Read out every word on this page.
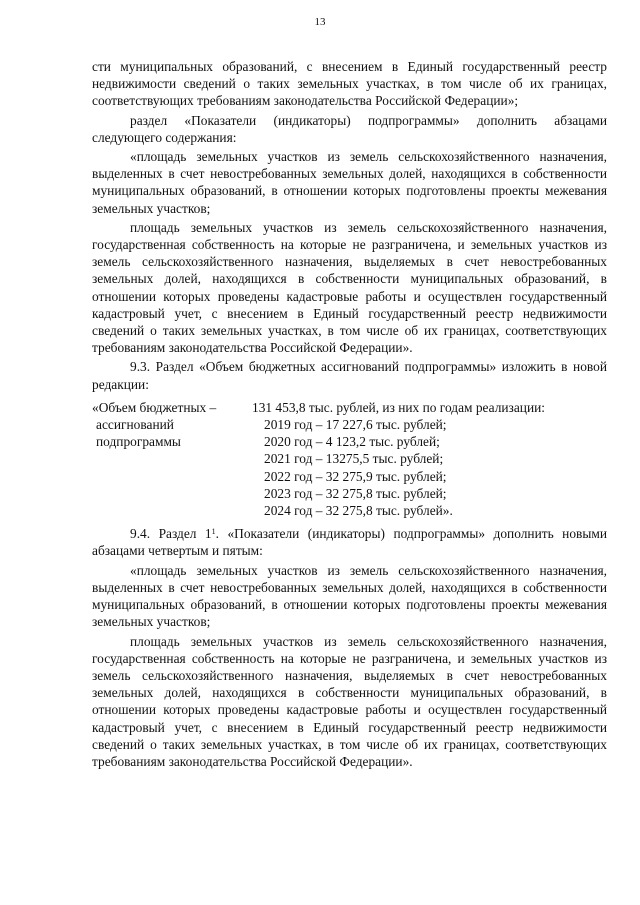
13

сти муниципальных образований, с внесением в Единый государственный реестр недвижимости сведений о таких земельных участках, в том числе об их границах, соответствующих требованиям законодательства Российской Федерации»;

раздел «Показатели (индикаторы) подпрограммы» дополнить абзацами следующего содержания:

«площадь земельных участков из земель сельскохозяйственного назначения, выделенных в счет невостребованных земельных долей, находящихся в собственности муниципальных образований, в отношении которых подготовлены проекты межевания земельных участков;

площадь земельных участков из земель сельскохозяйственного назначения, государственная собственность на которые не разграничена, и земельных участков из земель сельскохозяйственного назначения, выделяемых в счет невостребованных земельных долей, находящихся в собственности муниципальных образований, в отношении которых проведены кадастровые работы и осуществлен государственный кадастровый учет, с внесением в Единый государственный реестр недвижимости сведений о таких земельных участках, в том числе об их границах, соответствующих требованиям законодательства Российской Федерации».

9.3. Раздел «Объем бюджетных ассигнований подпрограммы» изложить в новой редакции:

«Объем бюджетных –
ассигнований
подпрограммы

131 453,8 тыс. рублей, из них по годам реализации:

2019 год – 17 227,6 тыс. рублей;

2020 год – 4 123,2 тыс. рублей;

2021 год – 13275,5 тыс. рублей;

2022 год – 32 275,9 тыс. рублей;

2023 год – 32 275,8 тыс. рублей;

2024 год – 32 275,8 тыс. рублей».

9.4. Раздел $1^1$. «Показатели (индикаторы) подпрограммы» дополнить новыми абзацами четвертым и пятым:

«площадь земельных участков из земель сельскохозяйственного назначения, выделенных в счет невостребованных земельных долей, находящихся в собственности муниципальных образований, в отношении которых подготовлены проекты межевания земельных участков;

площадь земельных участков из земель сельскохозяйственного назначения, государственная собственность на которые не разграничена, и земельных участков из земель сельскохозяйственного назначения, выделяемых в счет невостребованных земельных долей, находящихся в собственности муниципальных образований, в отношении которых проведены кадастровые работы и осуществлен государственный кадастровый учет, с внесением в Единый государственный реестр недвижимости сведений о таких земельных участках, в том числе об их границах, соответствующих требованиям законодательства Российской Федерации».
